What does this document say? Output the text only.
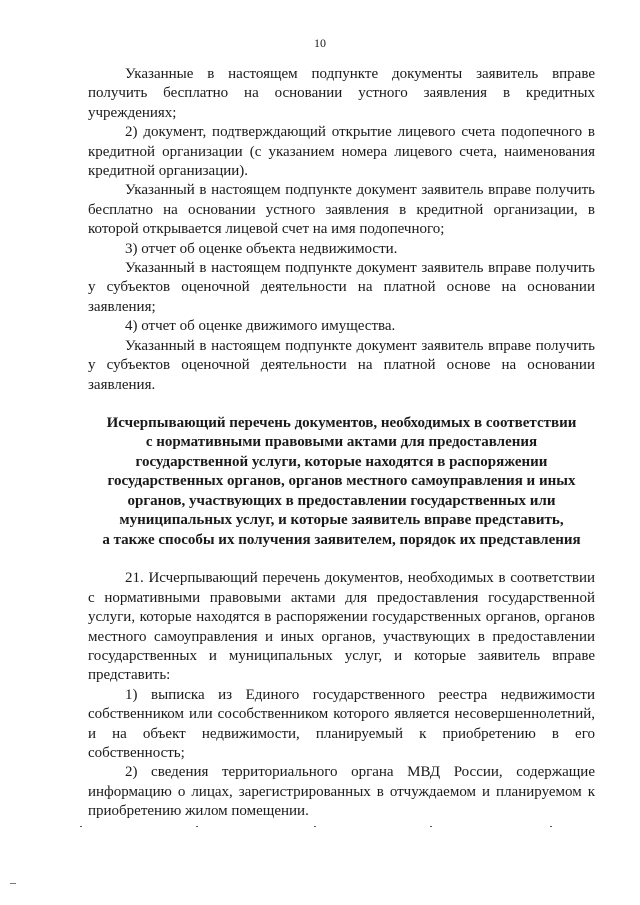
10

Указанные в настоящем подпункте документы заявитель вправе получить бесплатно на основании устного заявления в кредитных учреждениях;

2) документ, подтверждающий открытие лицевого счета подопечного в кредитной организации (с указанием номера лицевого счета, наименования кредитной организации).

Указанный в настоящем подпункте документ заявитель вправе получить бесплатно на основании устного заявления в кредитной организации, в которой открывается лицевой счет на имя подопечного;

3) отчет об оценке объекта недвижимости.

Указанный в настоящем подпункте документ заявитель вправе получить у субъектов оценочной деятельности на платной основе на основании заявления;

4) отчет об оценке движимого имущества.

Указанный в настоящем подпункте документ заявитель вправе получить у субъектов оценочной деятельности на платной основе на основании заявления.

Исчерпывающий перечень документов, необходимых в соответствии
с нормативными правовыми актами для предоставления
государственной услуги, которые находятся в распоряжении
государственных органов, органов местного самоуправления и иных
органов, участвующих в предоставлении государственных или
муниципальных услуг, и которые заявитель вправе представить,
а также способы их получения заявителем, порядок их представления

21. Исчерпывающий перечень документов, необходимых в соответствии с нормативными правовыми актами для предоставления государственной услуги, которые находятся в распоряжении государственных органов, органов местного самоуправления и иных органов, участвующих в предоставлении государственных и муниципальных услуг, и которые заявитель вправе представить:

1) выписка из Единого государственного реестра недвижимости собственником или сособственником которого является несовершеннолетний, и на объект недвижимости, планируемый к приобретению в его собственность;

2) сведения территориального органа МВД России, содержащие информацию о лицах, зарегистрированных в отчуждаемом и планируемом к приобретению жилом помещении.
